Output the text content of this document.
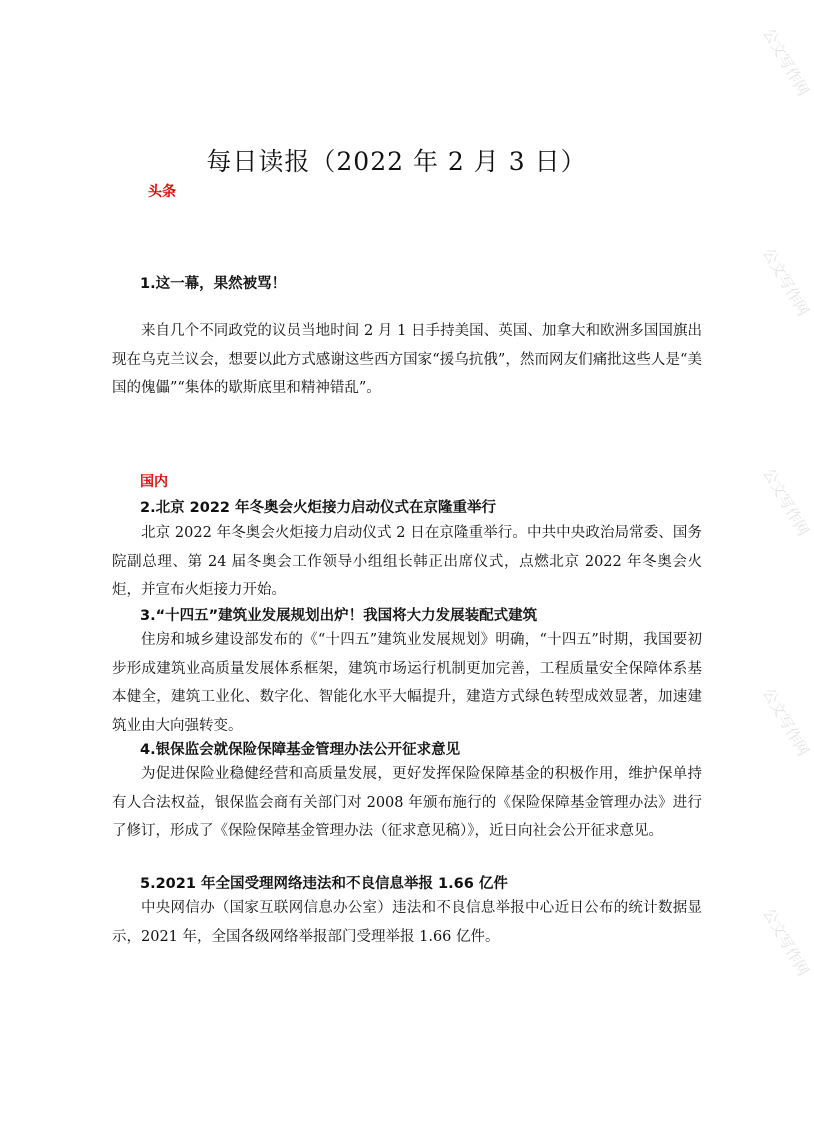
公文写作网
公文写作网
公文写作网
公文写作网
公文写作网
每日读报（2022 年 2 月 3 日）
头条
1.这一幕，果然被骂！
来自几个不同政党的议员当地时间 2 月 1 日手持美国、英国、加拿大和欧洲多国国旗出现在乌克兰议会，想要以此方式感谢这些西方国家“援乌抗俄”，然而网友们痛批这些人是“美国的傀儡”“集体的歇斯底里和精神错乱”。
国内
2.北京 2022 年冬奥会火炬接力启动仪式在京隆重举行
北京 2022 年冬奥会火炬接力启动仪式 2 日在京隆重举行。中共中央政治局常委、国务院副总理、第 24 届冬奥会工作领导小组组长韩正出席仪式，点燃北京 2022 年冬奥会火炬，并宣布火炬接力开始。
3.“十四五”建筑业发展规划出炉！我国将大力发展装配式建筑
住房和城乡建设部发布的《“十四五”建筑业发展规划》明确，“十四五”时期，我国要初步形成建筑业高质量发展体系框架，建筑市场运行机制更加完善，工程质量安全保障体系基本健全，建筑工业化、数字化、智能化水平大幅提升，建造方式绿色转型成效显著，加速建筑业由大向强转变。
4.银保监会就保险保障基金管理办法公开征求意见
为促进保险业稳健经营和高质量发展，更好发挥保险保障基金的积极作用，维护保单持有人合法权益，银保监会商有关部门对 2008 年颁布施行的《保险保障基金管理办法》进行了修订，形成了《保险保障基金管理办法（征求意见稿）》，近日向社会公开征求意见。
5.2021 年全国受理网络违法和不良信息举报 1.66 亿件
中央网信办（国家互联网信息办公室）违法和不良信息举报中心近日公布的统计数据显示，2021 年，全国各级网络举报部门受理举报 1.66 亿件。
